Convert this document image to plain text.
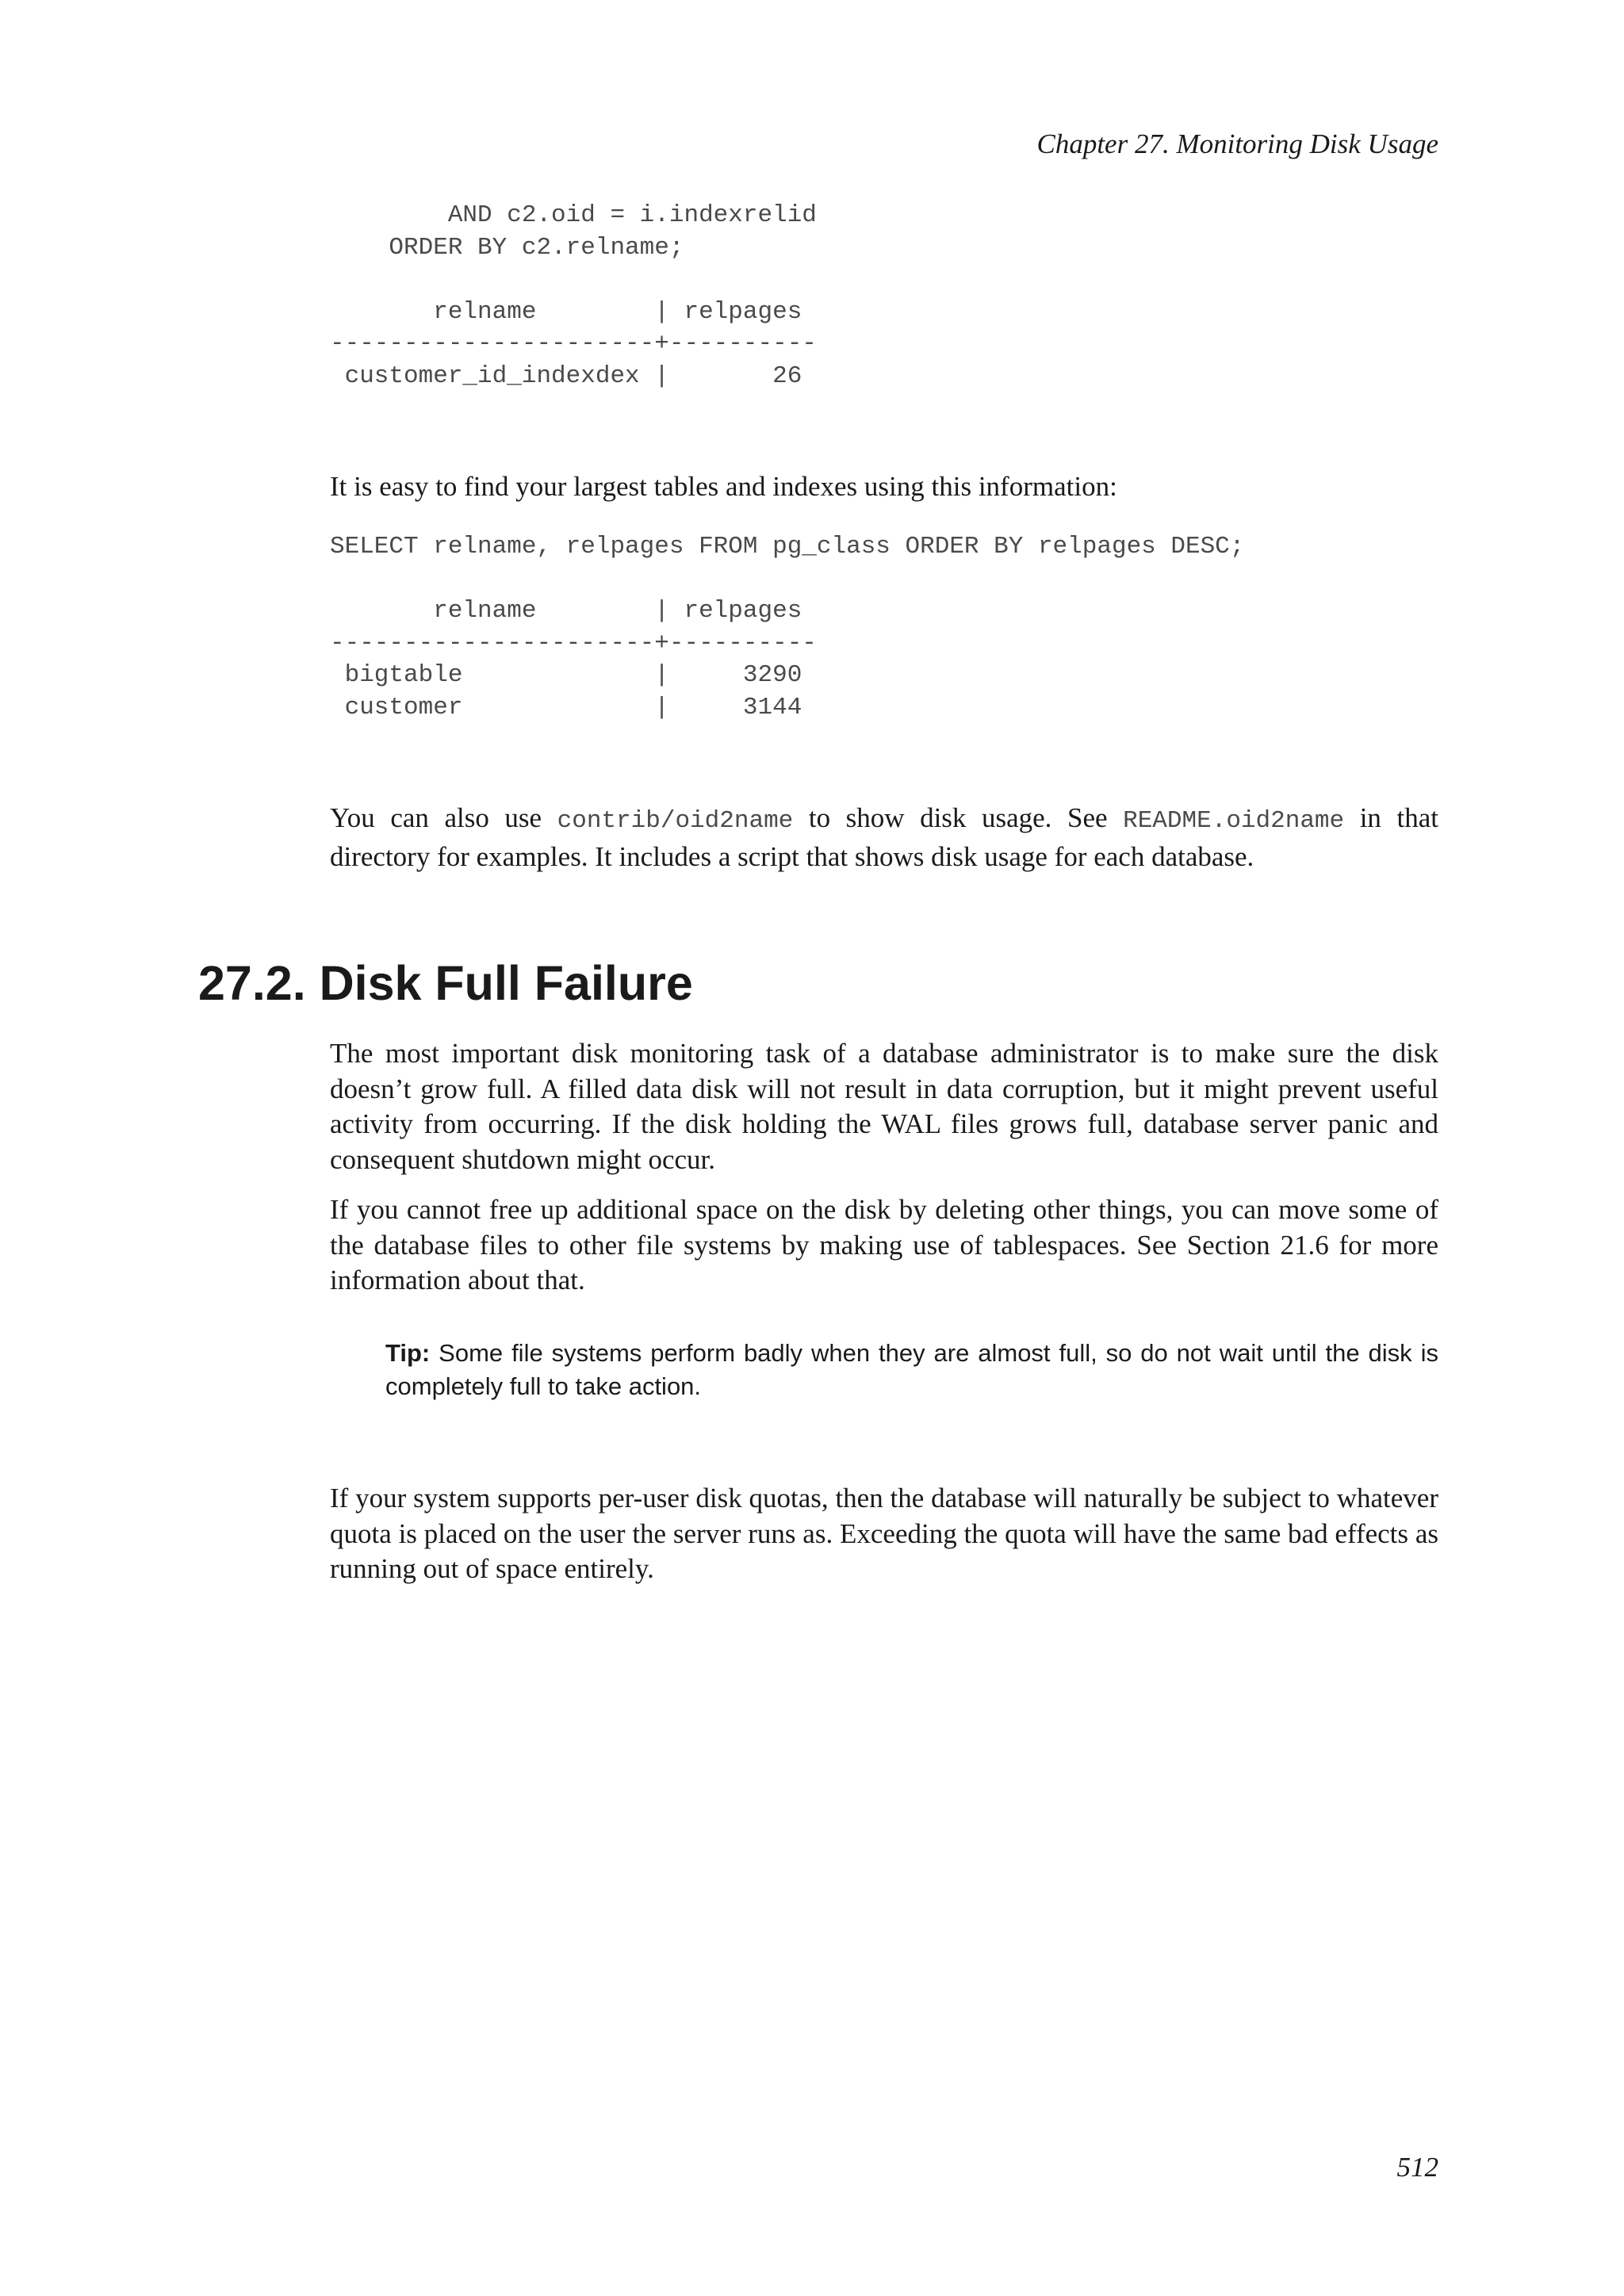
Chapter 27. Monitoring Disk Usage
AND c2.oid = i.indexrelid
ORDER BY c2.relname;

relname        | relpages
----------------------+----------
customer_id_indexdex |       26

It is easy to find your largest tables and indexes using this information:

SELECT relname, relpages FROM pg_class ORDER BY relpages DESC;

relname        | relpages
----------------------+----------
bigtable             |     3290
customer             |     3144

You can also use contrib/oid2name to show disk usage. See README.oid2name in that directory for examples. It includes a script that shows disk usage for each database.

27.2. Disk Full Failure

The most important disk monitoring task of a database administrator is to make sure the disk doesn’t grow full. A filled data disk will not result in data corruption, but it might prevent useful activity from occurring. If the disk holding the WAL files grows full, database server panic and consequent shutdown might occur.

If you cannot free up additional space on the disk by deleting other things, you can move some of the database files to other file systems by making use of tablespaces. See Section 21.6 for more information about that.

Tip: Some file systems perform badly when they are almost full, so do not wait until the disk is completely full to take action.

If your system supports per-user disk quotas, then the database will naturally be subject to whatever quota is placed on the user the server runs as. Exceeding the quota will have the same bad effects as running out of space entirely.

512
